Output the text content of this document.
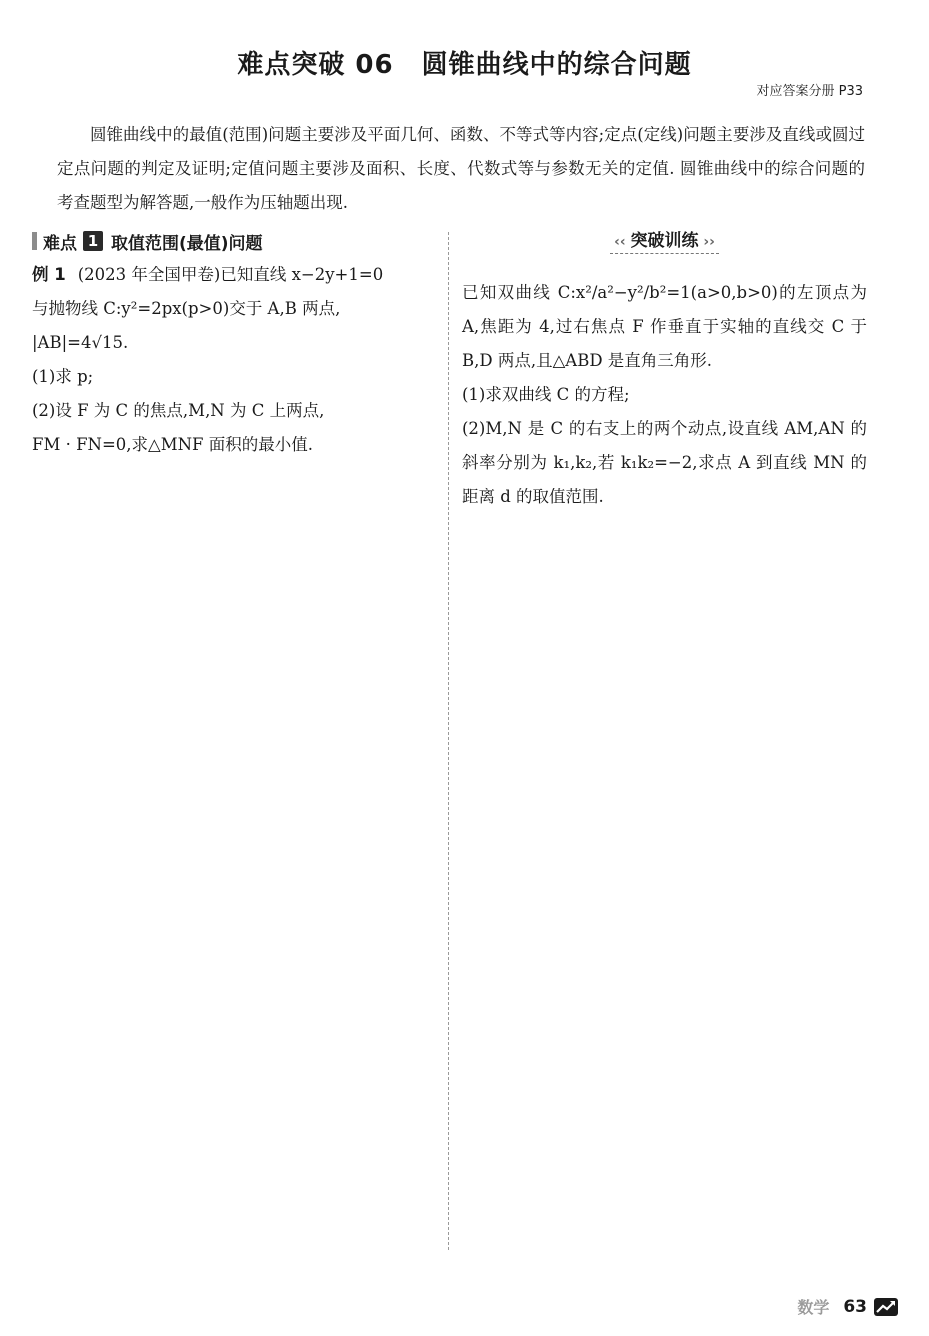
难点突破 06 圆锥曲线中的综合问题
对应答案分册 P33
圆锥曲线中的最值(范围)问题主要涉及平面几何、函数、不等式等内容;定点(定线)问题主要涉及直线或圆过定点问题的判定及证明;定值问题主要涉及面积、长度、代数式等与参数无关的定值. 圆锥曲线中的综合问题的考查题型为解答题,一般作为压轴题出现.
难点 1 取值范围(最值)问题
例 1 (2023 年全国甲卷)已知直线 x−2y+1=0
与抛物线 C:y²=2px(p>0)交于 A,B 两点,
|AB|=4√15.
(1)求 p;
(2)设 F 为 C 的焦点,M,N 为 C 上两点,
FM · FN=0,求△MNF 面积的最小值.
‹‹ 突破训练 ››
已知双曲线 C:x²/a²−y²/b²=1(a>0,b>0)的左顶点为 A,焦距为 4,过右焦点 F 作垂直于实轴的直线交 C 于 B,D 两点,且△ABD 是直角三角形.
(1)求双曲线 C 的方程;
(2)M,N 是 C 的右支上的两个动点,设直线 AM,AN 的斜率分别为 k₁,k₂,若 k₁k₂=−2,求点 A 到直线 MN 的距离 d 的取值范围.
数学 63
